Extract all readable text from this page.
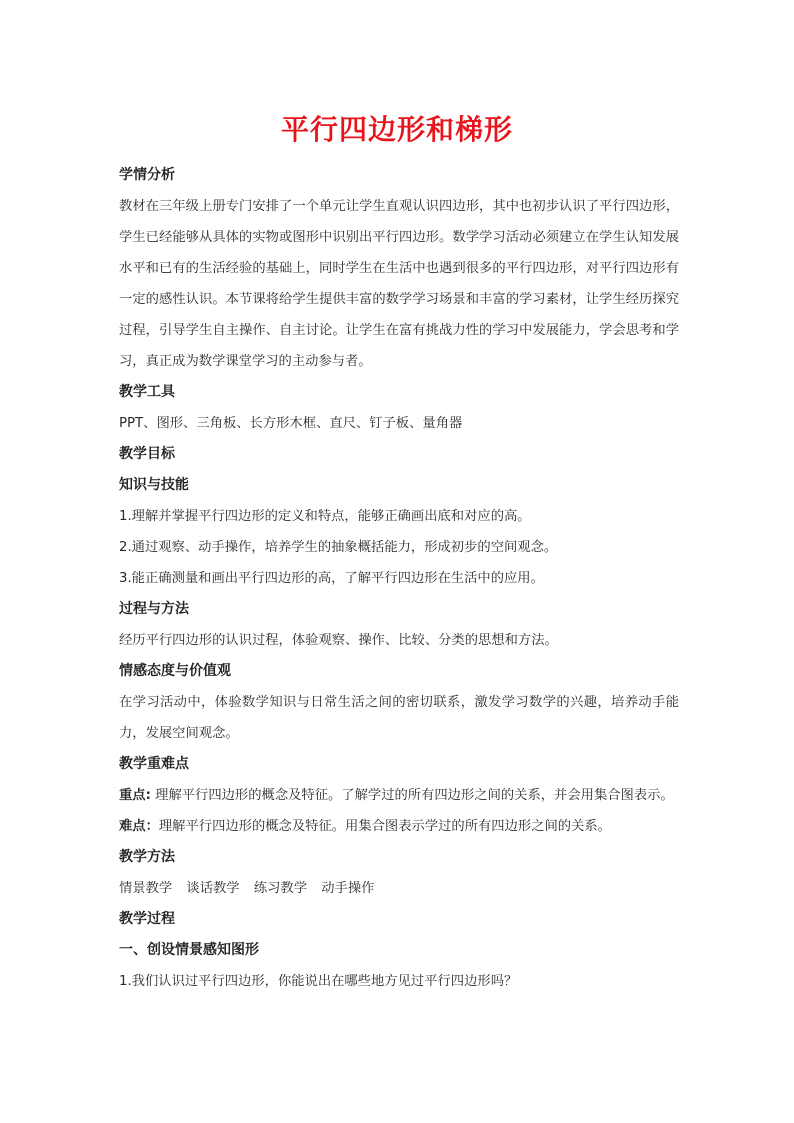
平行四边形和梯形
学情分析

教材在三年级上册专门安排了一个单元让学生直观认识四边形，其中也初步认识了平行四边形，学生已经能够从具体的实物或图形中识别出平行四边形。数学学习活动必须建立在学生认知发展水平和已有的生活经验的基础上，同时学生在生活中也遇到很多的平行四边形，对平行四边形有一定的感性认识。本节课将给学生提供丰富的数学学习场景和丰富的学习素材，让学生经历探究过程，引导学生自主操作、自主讨论。让学生在富有挑战力性的学习中发展能力，学会思考和学习，真正成为数学课堂学习的主动参与者。

教学工具
PPT、图形、三角板、长方形木框、直尺、钉子板、量角器
教学目标
知识与技能
1.理解并掌握平行四边形的定义和特点，能够正确画出底和对应的高。
2.通过观察、动手操作，培养学生的抽象概括能力，形成初步的空间观念。
3.能正确测量和画出平行四边形的高，了解平行四边形在生活中的应用。
过程与方法
经历平行四边形的认识过程，体验观察、操作、比较、分类的思想和方法。
情感态度与价值观

在学习活动中，体验数学知识与日常生活之间的密切联系，激发学习数学的兴趣，培养动手能力，发展空间观念。

教学重难点

重点: 理解平行四边形的概念及特征。了解学过的所有四边形之间的关系，并会用集合图表示。

难点：理解平行四边形的概念及特征。用集合图表示学过的所有四边形之间的关系。

教学方法
情景教学 谈话教学 练习教学 动手操作
教学过程
一、创设情景感知图形
1.我们认识过平行四边形，你能说出在哪些地方见过平行四边形吗？
